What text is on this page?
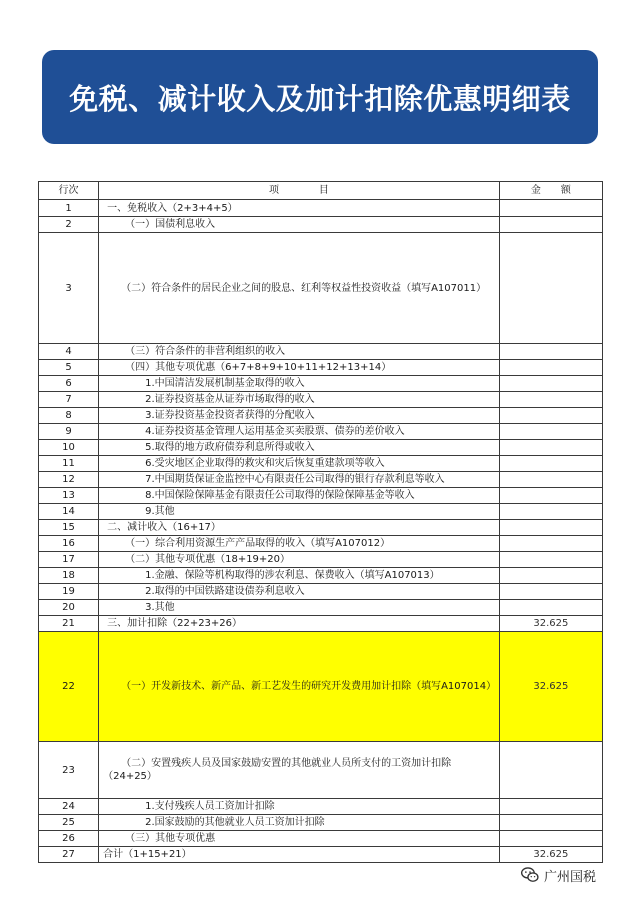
免税、减计收入及加计扣除优惠明细表
行次	项　　　　目	金　　额
1	一、免税收入（2+3+4+5）	
2	（一）国债利息收入	
3	（二）符合条件的居民企业之间的股息、红利等权益性投资收益（填写A107011）	

4	（三）符合条件的非营利组织的收入	
5	（四）其他专项优惠（6+7+8+9+10+11+12+13+14）	
6	1.中国清洁发展机制基金取得的收入	
7	2.证券投资基金从证券市场取得的收入	
8	3.证券投资基金投资者获得的分配收入	
9	4.证券投资基金管理人运用基金买卖股票、债券的差价收入	
10	5.取得的地方政府债券利息所得或收入	
11	6.受灾地区企业取得的救灾和灾后恢复重建款项等收入	
12	7.中国期货保证金监控中心有限责任公司取得的银行存款利息等收入	
13	8.中国保险保障基金有限责任公司取得的保险保障基金等收入	
14	9.其他	
15	二、减计收入（16+17）	
16	（一）综合利用资源生产产品取得的收入（填写A107012）	
17	（二）其他专项优惠（18+19+20）	
18	1.金融、保险等机构取得的涉农利息、保费收入（填写A107013）	
19	2.取得的中国铁路建设债券利息收入	
20	3.其他	
21	三、加计扣除（22+23+26）	32.625
22	（一）开发新技术、新产品、新工艺发生的研究开发费用加计扣除（填写A107014）	32.625
23	（二）安置残疾人员及国家鼓励安置的其他就业人员所支付的工资加计扣除（24+25）	

24	1.支付残疾人员工资加计扣除	
25	2.国家鼓励的其他就业人员工资加计扣除	
26	（三）其他专项优惠	
27	合计（1+15+21）	32.625
广州国税
